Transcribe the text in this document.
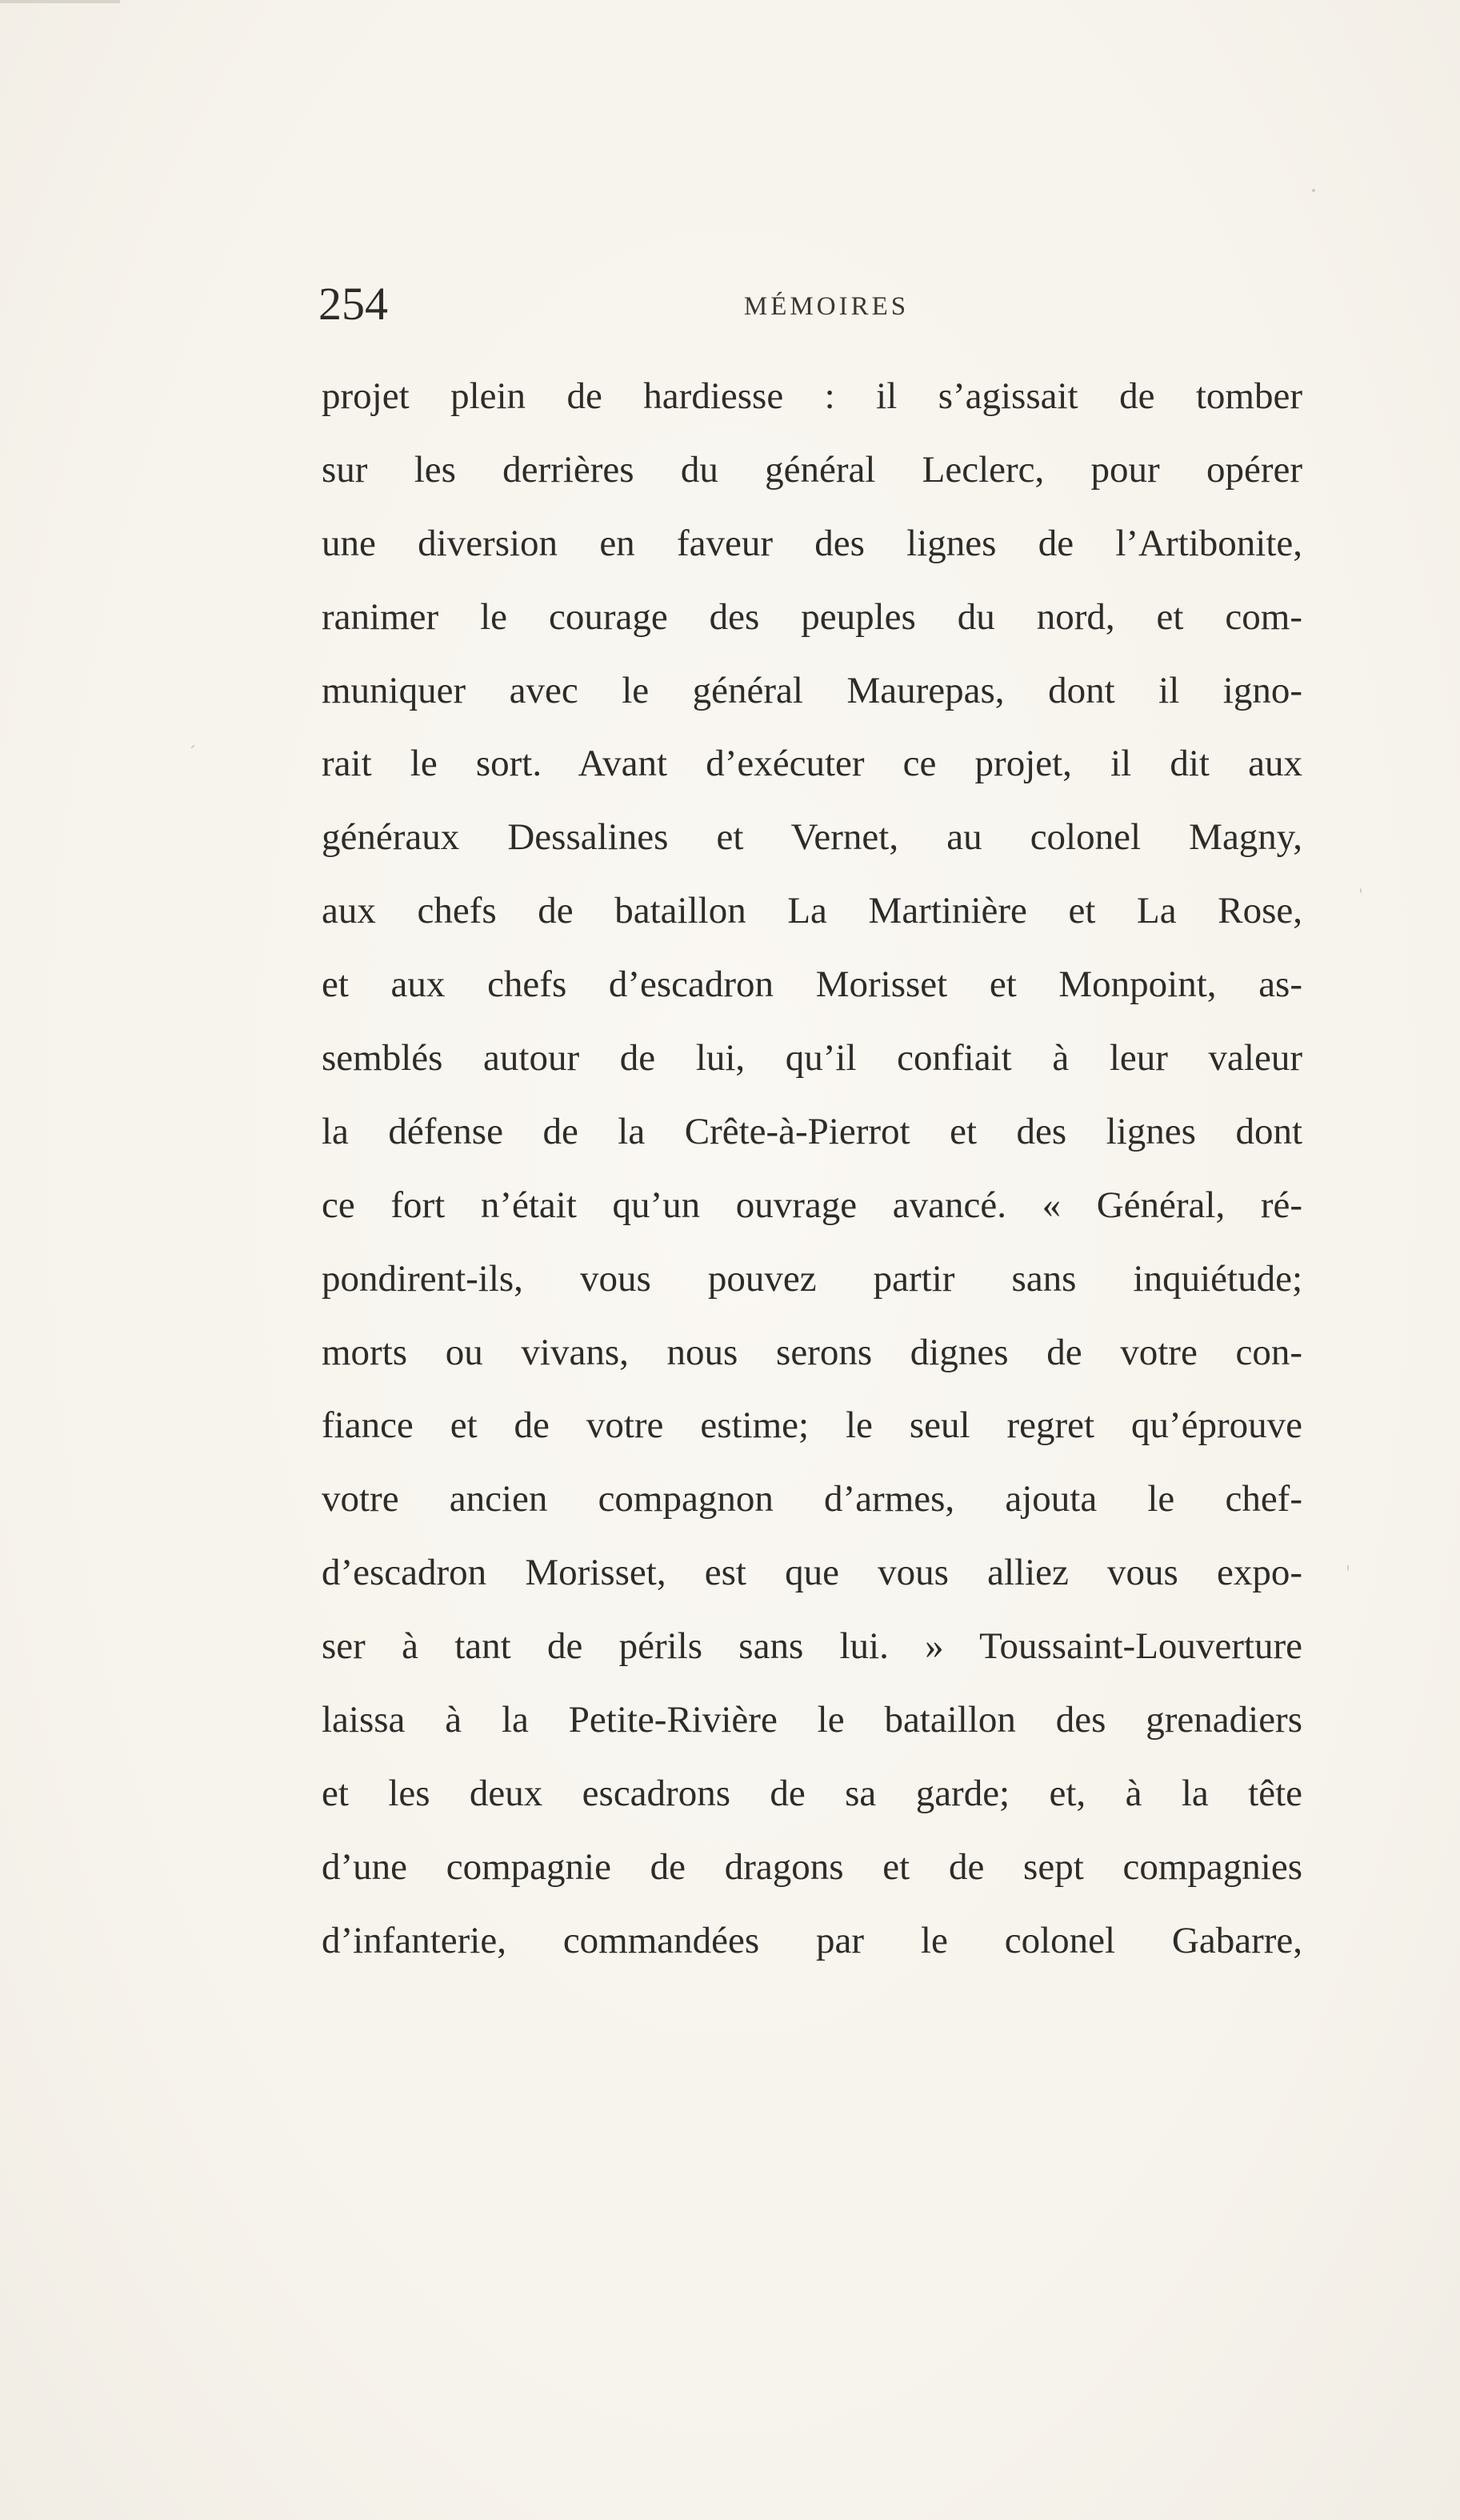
254	MÉMOIRES
projet plein de hardiesse : il s’agissait de tomber
sur les derrières du général Leclerc, pour opérer
une diversion en faveur des lignes de l’Artibonite,
ranimer le courage des peuples du nord, et com-
muniquer avec le général Maurepas, dont il igno-
rait le sort. Avant d’exécuter ce projet, il dit aux
généraux Dessalines et Vernet, au colonel Magny,
aux chefs de bataillon La Martinière et La Rose,
et aux chefs d’escadron Morisset et Monpoint, as-
semblés autour de lui, qu’il confiait à leur valeur
la défense de la Crête-à-Pierrot et des lignes dont
ce fort n’était qu’un ouvrage avancé. « Général, ré-
pondirent-ils, vous pouvez partir sans inquiétude;
morts ou vivans, nous serons dignes de votre con-
fiance et de votre estime; le seul regret qu’éprouve
votre ancien compagnon d’armes, ajouta le chef-
d’escadron Morisset, est que vous alliez vous expo-
ser à tant de périls sans lui. » Toussaint-Louverture
laissa à la Petite-Rivière le bataillon des grenadiers
et les deux escadrons de sa garde; et, à la tête
d’une compagnie de dragons et de sept compagnies
d’infanterie, commandées par le colonel Gabarre,
